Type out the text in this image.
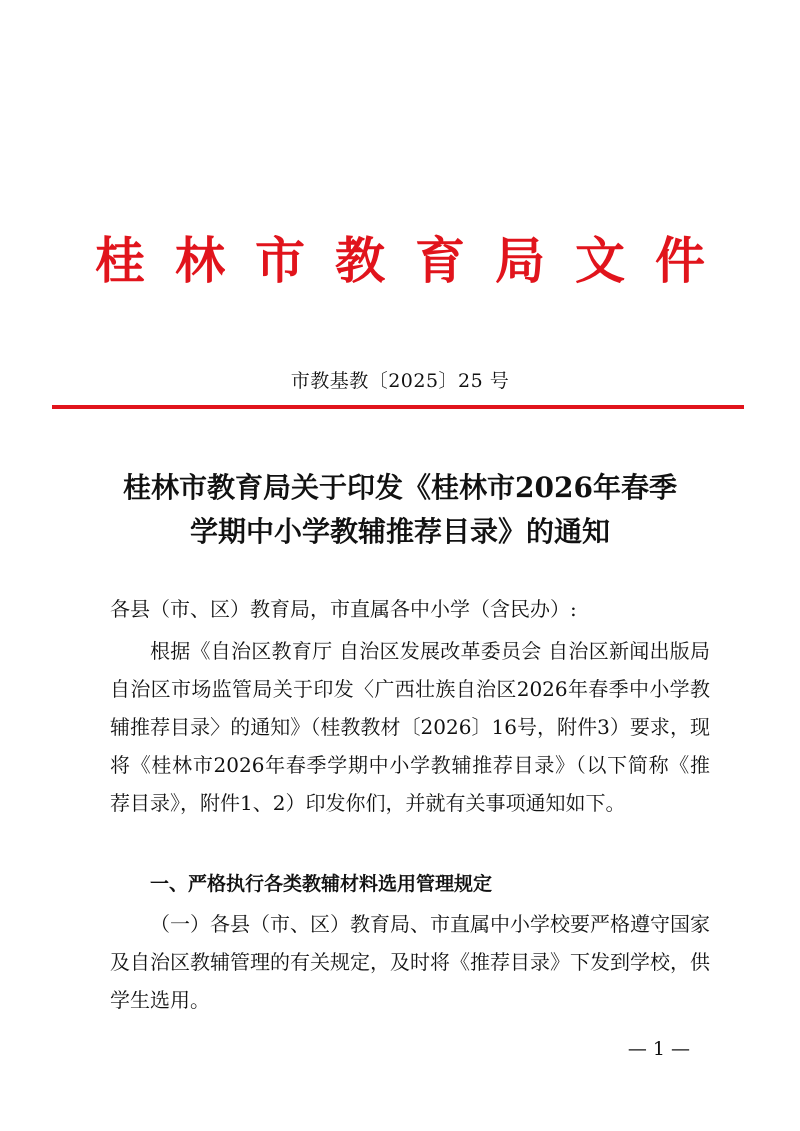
桂 林 市 教 育 局 文 件
市教基教〔2025〕25 号
桂林市教育局关于印发《桂林市2026年春季
学期中小学教辅推荐目录》的通知
各县（市、区）教育局，市直属各中小学（含民办）:
根据《自治区教育厅 自治区发展改革委员会 自治区新闻出版局 自治区市场监管局关于印发〈广西壮族自治区2026年春季中小学教辅推荐目录〉的通知》（桂教教材〔2026〕16号，附件3）要求，现将《桂林市2026年春季学期中小学教辅推荐目录》（以下简称《推荐目录》，附件1、2）印发你们，并就有关事项通知如下。
一、严格执行各类教辅材料选用管理规定
（一）各县（市、区）教育局、市直属中小学校要严格遵守国家及自治区教辅管理的有关规定，及时将《推荐目录》下发到学校，供学生选用。
— 1 —
